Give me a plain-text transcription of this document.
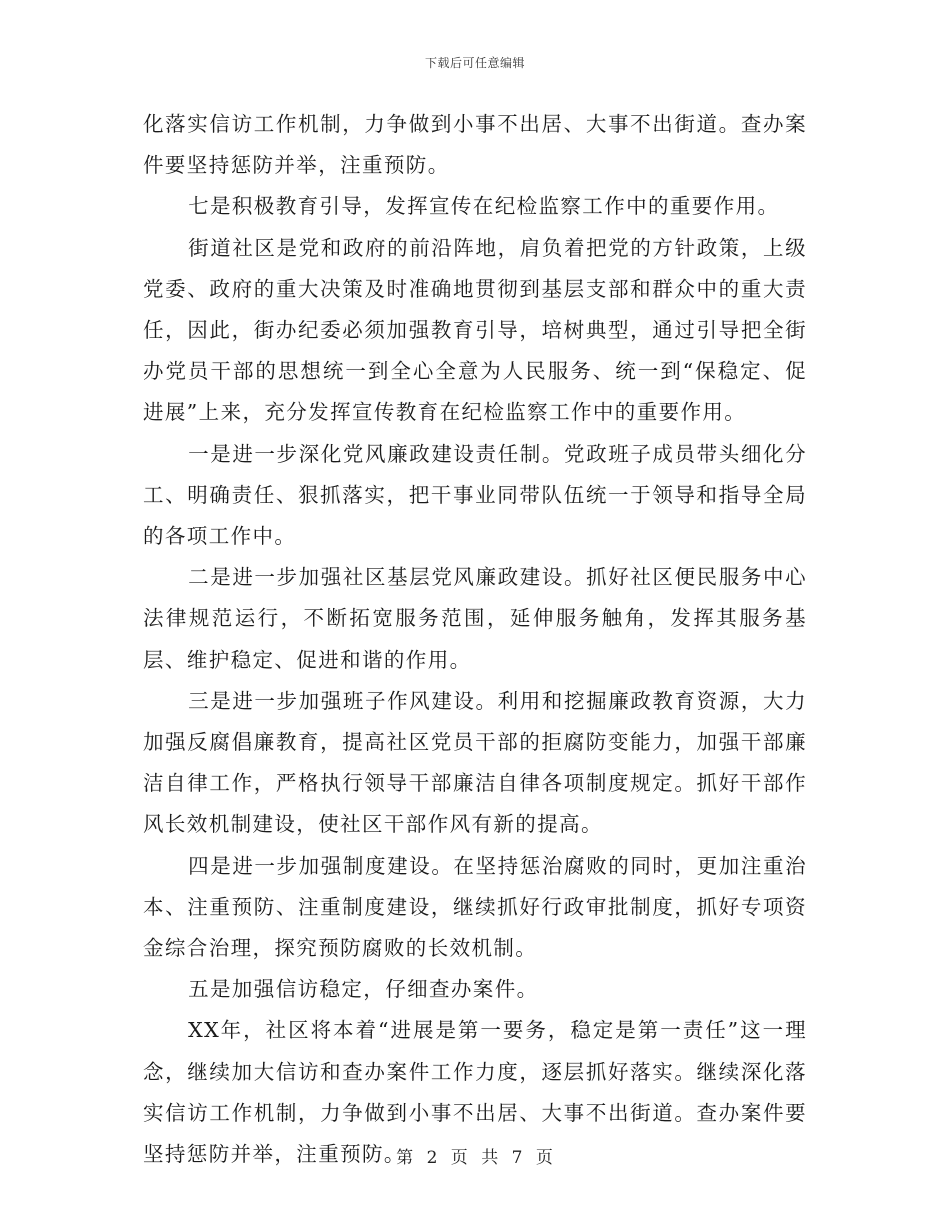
下载后可任意编辑

化落实信访工作机制，力争做到小事不出居、大事不出街道。查办案件要坚持惩防并举，注重预防。

七是积极教育引导，发挥宣传在纪检监察工作中的重要作用。

街道社区是党和政府的前沿阵地，肩负着把党的方针政策，上级党委、政府的重大决策及时准确地贯彻到基层支部和群众中的重大责任，因此，街办纪委必须加强教育引导，培树典型，通过引导把全街办党员干部的思想统一到全心全意为人民服务、统一到“保稳定、促进展”上来，充分发挥宣传教育在纪检监察工作中的重要作用。

一是进一步深化党风廉政建设责任制。党政班子成员带头细化分工、明确责任、狠抓落实，把干事业同带队伍统一于领导和指导全局的各项工作中。

二是进一步加强社区基层党风廉政建设。抓好社区便民服务中心法律规范运行，不断拓宽服务范围，延伸服务触角，发挥其服务基层、维护稳定、促进和谐的作用。

三是进一步加强班子作风建设。利用和挖掘廉政教育资源，大力加强反腐倡廉教育，提高社区党员干部的拒腐防变能力，加强干部廉洁自律工作，严格执行领导干部廉洁自律各项制度规定。抓好干部作风长效机制建设，使社区干部作风有新的提高。

四是进一步加强制度建设。在坚持惩治腐败的同时，更加注重治本、注重预防、注重制度建设，继续抓好行政审批制度，抓好专项资金综合治理，探究预防腐败的长效机制。

五是加强信访稳定，仔细查办案件。

XX年，社区将本着“进展是第一要务，稳定是第一责任”这一理念，继续加大信访和查办案件工作力度，逐层抓好落实。继续深化落实信访工作机制，力争做到小事不出居、大事不出街道。查办案件要坚持惩防并举，注重预防。

第 2 页 共 7 页
